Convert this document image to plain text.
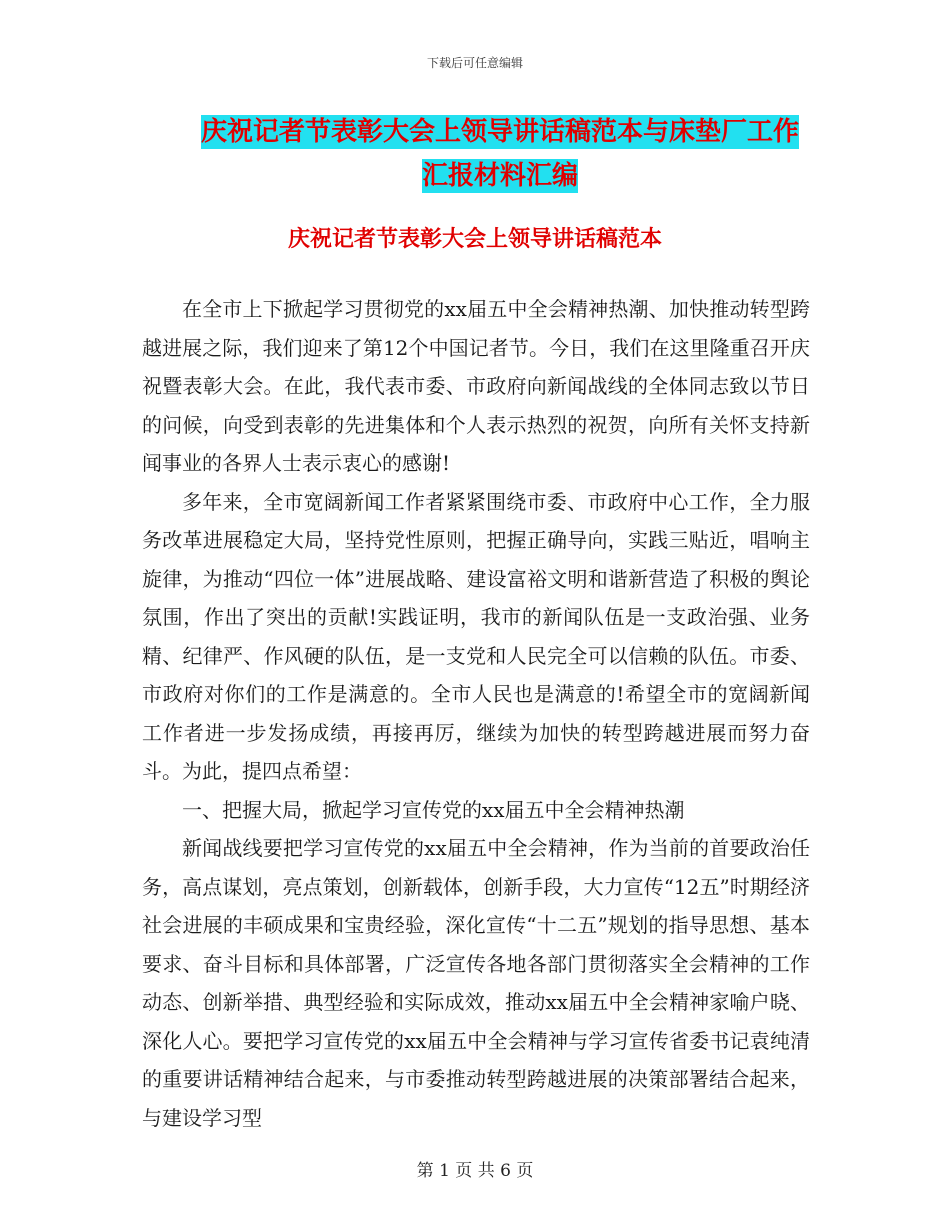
下载后可任意编辑
庆祝记者节表彰大会上领导讲话稿范本与床垫厂工作
汇报材料汇编
庆祝记者节表彰大会上领导讲话稿范本

在全市上下掀起学习贯彻党的xx届五中全会精神热潮、加快推动转型跨越进展之际，我们迎来了第12个中国记者节。今日，我们在这里隆重召开庆祝暨表彰大会。在此，我代表市委、市政府向新闻战线的全体同志致以节日的问候，向受到表彰的先进集体和个人表示热烈的祝贺，向所有关怀支持新闻事业的各界人士表示衷心的感谢!

多年来，全市宽阔新闻工作者紧紧围绕市委、市政府中心工作，全力服务改革进展稳定大局，坚持党性原则，把握正确导向，实践三贴近，唱响主旋律，为推动“四位一体”进展战略、建设富裕文明和谐新营造了积极的舆论氛围，作出了突出的贡献!实践证明，我市的新闻队伍是一支政治强、业务精、纪律严、作风硬的队伍，是一支党和人民完全可以信赖的队伍。市委、市政府对你们的工作是满意的。全市人民也是满意的!希望全市的宽阔新闻工作者进一步发扬成绩，再接再厉，继续为加快的转型跨越进展而努力奋斗。为此，提四点希望：

一、把握大局，掀起学习宣传党的xx届五中全会精神热潮

新闻战线要把学习宣传党的xx届五中全会精神，作为当前的首要政治任务，高点谋划，亮点策划，创新载体，创新手段，大力宣传“12五”时期经济社会进展的丰硕成果和宝贵经验，深化宣传“十二五”规划的指导思想、基本要求、奋斗目标和具体部署，广泛宣传各地各部门贯彻落实全会精神的工作动态、创新举措、典型经验和实际成效，推动xx届五中全会精神家喻户晓、深化人心。要把学习宣传党的xx届五中全会精神与学习宣传省委书记袁纯清的重要讲话精神结合起来，与市委推动转型跨越进展的决策部署结合起来，与建设学习型

第 1 页 共 6 页
